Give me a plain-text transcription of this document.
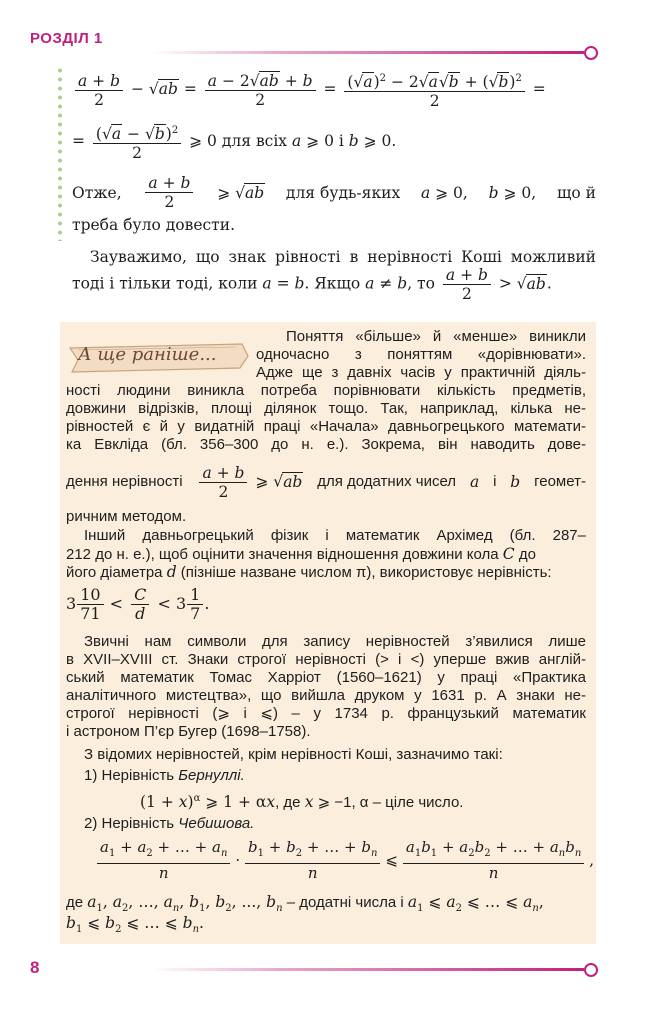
РОЗДІЛ 1
$\frac{a + b}{2} - √ab = \frac{a - 2√ab + b}{2} = \frac{(√a)^2 - 2√a√b + (√b)^2}{2}$ =
= $\frac{(√a - √b)^2}{2}$ ⩾ 0 для всіх a ⩾ 0 і b ⩾ 0.
Отже, $\frac{a + b}{2}$ ⩾ √ab для будь-яких a ⩾ 0, b ⩾ 0, що й
треба було довести.
Зауважимо, що знак рівності в нерівності Коші можливий
тоді і тільки тоді, коли a = b. Якщо a ≠ b, то $\frac{a + b}{2} > √ab$.
А ще раніше...
Поняття «більше» й «менше» виникли
одночасно з поняттям «дорівнювати».
Адже ще з давніх часів у практичній діяль-
ності людини виникла потреба порівнювати кількість предметів,
довжини відрізків, площі ділянок тощо. Так, наприклад, кілька не-
рівностей є й у видатній праці «Начала» давньогрецького математи-
ка Евкліда (бл. 356–300 до н. е.). Зокрема, він наводить дове-
дення нерівності $\frac{a + b}{2}$ ⩾ √ab для додатних чисел a і b геомет-
ричним методом.
Інший давньогрецький фізик і математик Архімед (бл. 287–
212 до н. е.), щоб оцінити значення відношення довжини кола C до
його діаметра d (пізніше назване числом π), використовує нерівність:
$3 \frac{10}{71} < \frac{C}{d} < 3 \frac{1}{7}$ .
Звичні нам символи для запису нерівностей з’явилися лише
в XVII–XVIII ст. Знаки строгої нерівності (> і <) уперше вжив англій-
ський математик Томас Харріот (1560–1621) у праці «Практика
аналітичного мистецтва», що вийшла друком у 1631 р. А знаки не-
строгої нерівності (⩾ і ⩽) – у 1734 р. французький математик
і астроном П’єр Бугер (1698–1758).
З відомих нерівностей, крім нерівності Коші, зазначимо такі:
1) Нерівність Бернуллі.
$(1 + x)^\alpha$ ⩾ 1 + αx, де x ⩾ −1, α – ціле число.
2) Нерівність Чебишова.
$\frac{a_1 + a_2 + \dots + a_n}{n} \cdot \frac{b_1 + b_2 + \dots + b_n}{n}$ ⩽ $\frac{a_1b_1 + a_2b_2 + \dots + a_nb_n}{n}$ ,
де $a_1$, $a_2$, …, $a_n$, $b_1$, $b_2$, ..., $b_n$ – додатні числа і $a_1$ ⩽ $a_2$ ⩽ … ⩽ $a_n$,
$b_1$ ⩽ $b_2$ ⩽ … ⩽ $b_n$.
8
